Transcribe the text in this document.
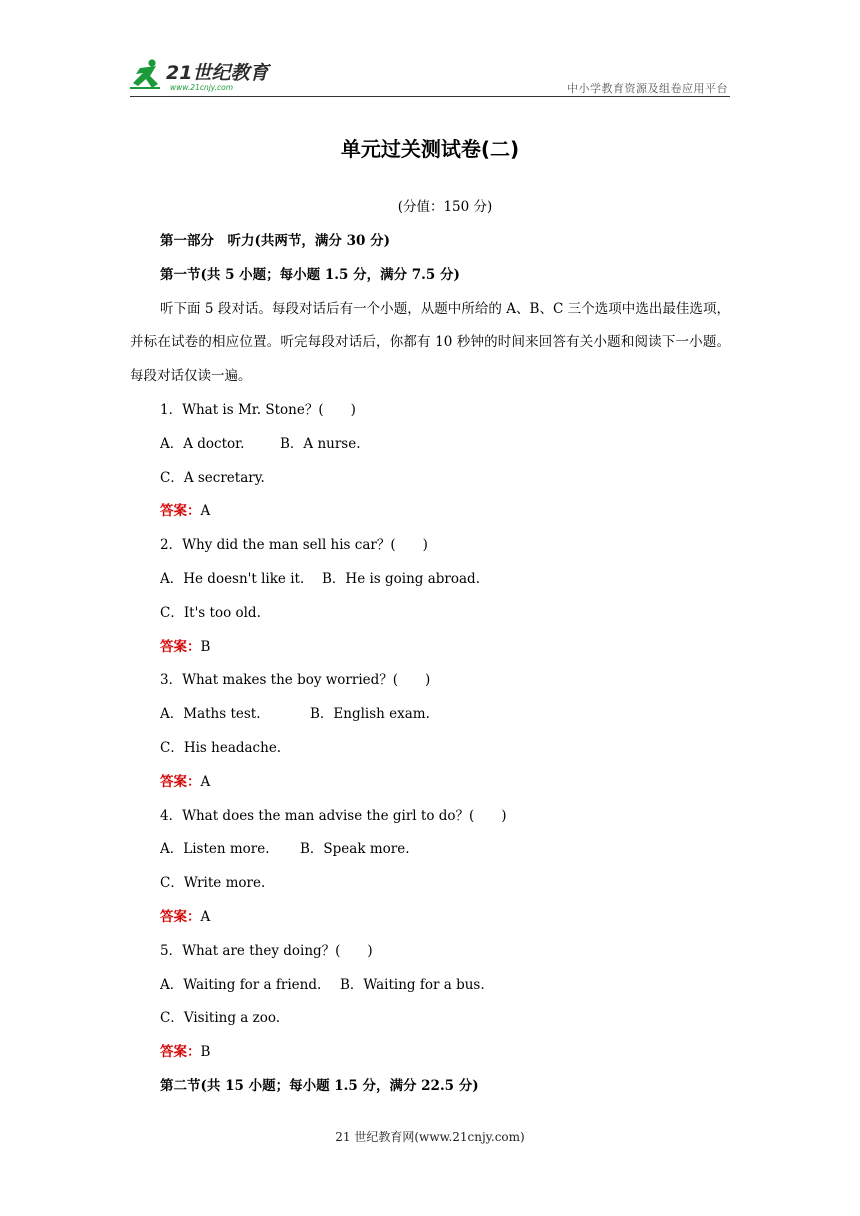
21世纪教育
www.21cnjy.com	中小学教育资源及组卷应用平台
单元过关测试卷(二)
(分值：150 分)
第一部分　听力(共两节，满分 30 分)
第一节(共 5 小题；每小题 1.5 分，满分 7.5 分)
听下面 5 段对话。每段对话后有一个小题，从题中所给的 A、B、C 三个选项中选出最佳选项，并标在试卷的相应位置。听完每段对话后，你都有 10 秒钟的时间来回答有关小题和阅读下一小题。每段对话仅读一遍。
1．What is Mr. Stone？(　　)
A．A doctor.	B．A nurse.
C．A secretary.
答案：A
2．Why did the man sell his car？(　　)
A．He doesn't like it. B．He is going abroad.
C．It's too old.
答案：B
3．What makes the boy worried？(　　)
A．Maths test.	B．English exam.
C．His headache.
答案：A
4．What does the man advise the girl to do？(　　)
A．Listen more. B．Speak more.
C．Write more.
答案：A
5．What are they doing？(　　)
A．Waiting for a friend. B．Waiting for a bus.
C．Visiting a zoo.
答案：B
第二节(共 15 小题；每小题 1.5 分，满分 22.5 分)
21 世纪教育网(www.21cnjy.com)
